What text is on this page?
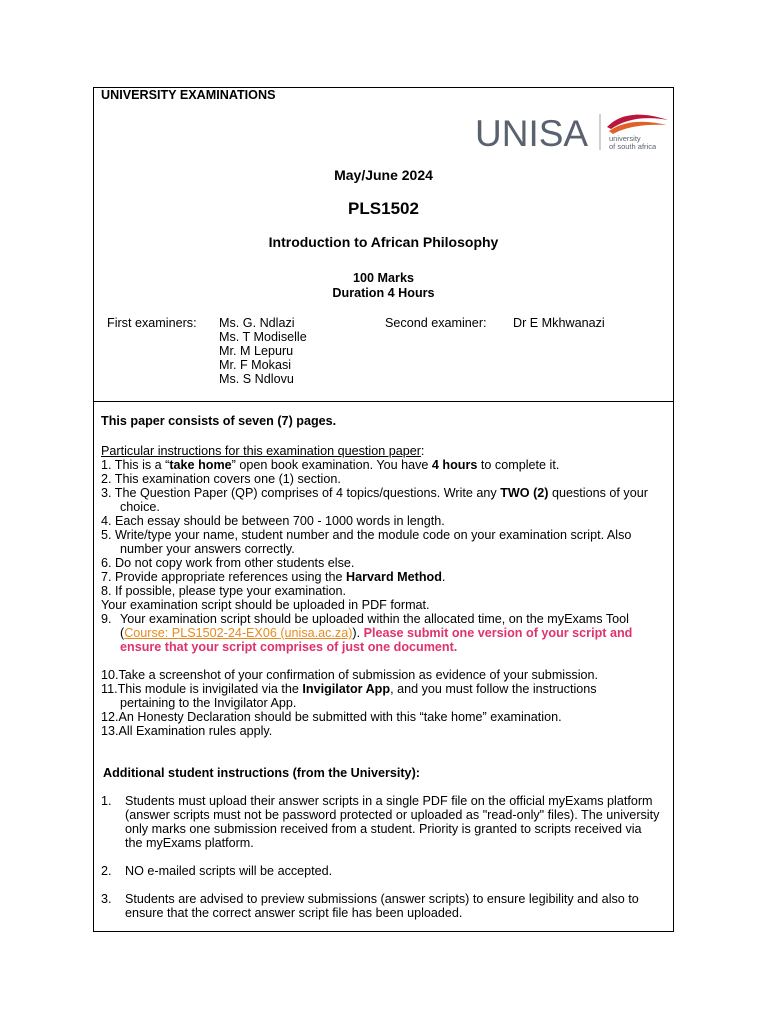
UNIVERSITY EXAMINATIONS
UNISA	university
of south africa
May/June 2024
PLS1502
Introduction to African Philosophy
100 Marks
Duration 4 Hours
First examiners: Ms. G. Ndlazi
Ms. T Modiselle
Mr. M Lepuru
Mr. F Mokasi
Ms. S Ndlovu
Second examiner: Dr E Mkhwanazi
This paper consists of seven (7) pages.
Particular instructions for this examination question paper:
1. This is a “take home” open book examination. You have 4 hours to complete it.
2. This examination covers one (1) section.
3. The Question Paper (QP) comprises of 4 topics/questions. Write any TWO (2) questions of your
choice.
4. Each essay should be between 700 - 1000 words in length.
5. Write/type your name, student number and the module code on your examination script. Also
number your answers correctly.
6. Do not copy work from other students else.
7. Provide appropriate references using the Harvard Method.
8. If possible, please type your examination.
Your examination script should be uploaded in PDF format.
9. Your examination script should be uploaded within the allocated time, on the myExams Tool
(Course: PLS1502-24-EX06 (unisa.ac.za)). Please submit one version of your script and
ensure that your script comprises of just one document.
10.Take a screenshot of your confirmation of submission as evidence of your submission.
11.This module is invigilated via the Invigilator App, and you must follow the instructions
pertaining to the Invigilator App.
12.An Honesty Declaration should be submitted with this “take home” examination.
13.All Examination rules apply.
Additional student instructions (from the University):
1. Students must upload their answer scripts in a single PDF file on the official myExams platform
(answer scripts must not be password protected or uploaded as "read-only" files). The university
only marks one submission received from a student. Priority is granted to scripts received via
the myExams platform.
2. NO e-mailed scripts will be accepted.
3. Students are advised to preview submissions (answer scripts) to ensure legibility and also to
ensure that the correct answer script file has been uploaded.
